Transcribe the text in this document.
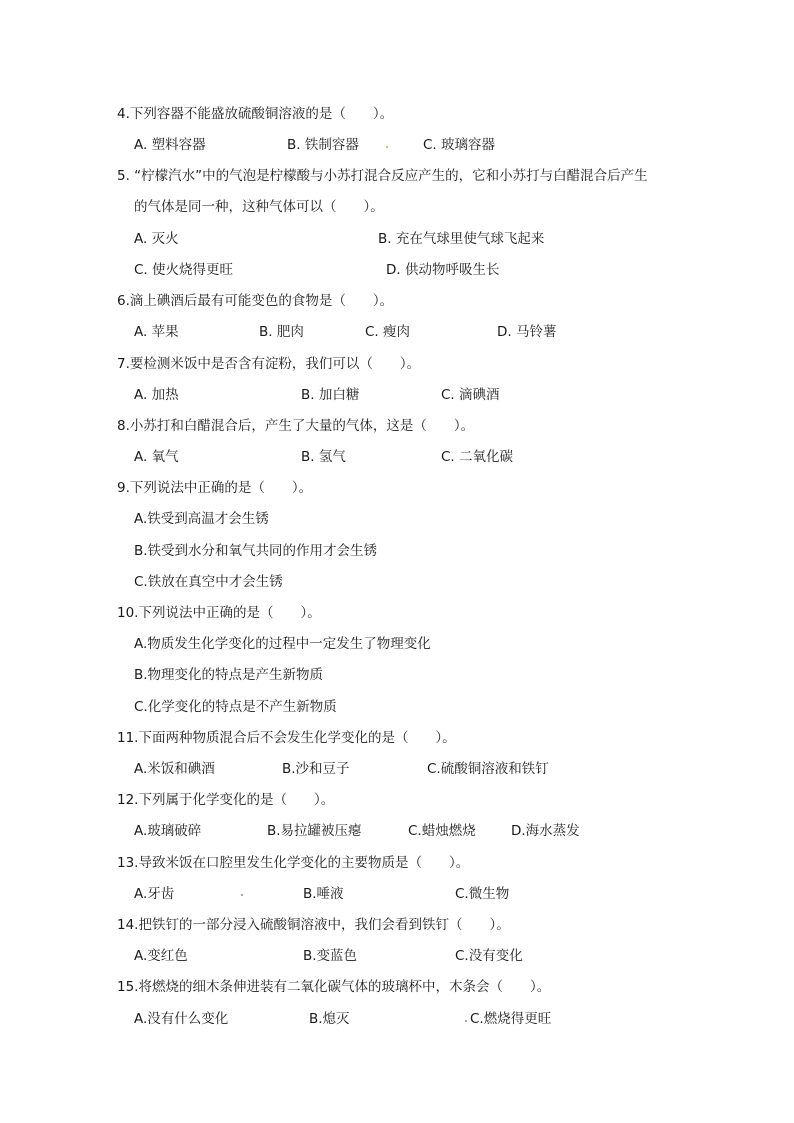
4.下列容器不能盛放硫酸铜溶液的是（　　）。
A. 塑料容器	B. 铁制容器	C. 玻璃容器
5. “柠檬汽水”中的气泡是柠檬酸与小苏打混合反应产生的，它和小苏打与白醋混合后产生
的气体是同一种，这种气体可以（　　）。
A. 灭火	B. 充在气球里使气球飞起来
C. 使火烧得更旺	D. 供动物呼吸生长
6.滴上碘酒后最有可能变色的食物是（　　）。
A. 苹果	B. 肥肉	C. 瘦肉	D. 马铃薯
7.要检测米饭中是否含有淀粉，我们可以（　　）。
A. 加热	B. 加白糖	C. 滴碘酒
8.小苏打和白醋混合后，产生了大量的气体，这是（　　）。
A. 氧气	B. 氢气	C. 二氧化碳
9.下列说法中正确的是（　　）。
A.铁受到高温才会生锈
B.铁受到水分和氧气共同的作用才会生锈
C.铁放在真空中才会生锈
10.下列说法中正确的是（　　）。
A.物质发生化学变化的过程中一定发生了物理变化
B.物理变化的特点是产生新物质
C.化学变化的特点是不产生新物质
11.下面两种物质混合后不会发生化学变化的是（　　）。
A.米饭和碘酒	B.沙和豆子	C.硫酸铜溶液和铁钉
12.下列属于化学变化的是（　　）。
A.玻璃破碎	B.易拉罐被压瘪	C.蜡烛燃烧	D.海水蒸发
13.导致米饭在口腔里发生化学变化的主要物质是（　　）。
A.牙齿	B.唾液	C.微生物
14.把铁钉的一部分浸入硫酸铜溶液中，我们会看到铁钉（　　）。
A.变红色	B.变蓝色	C.没有变化
15.将燃烧的细木条伸进装有二氧化碳气体的玻璃杯中，木条会（　　）。
A.没有什么变化	B.熄灭	C.燃烧得更旺
